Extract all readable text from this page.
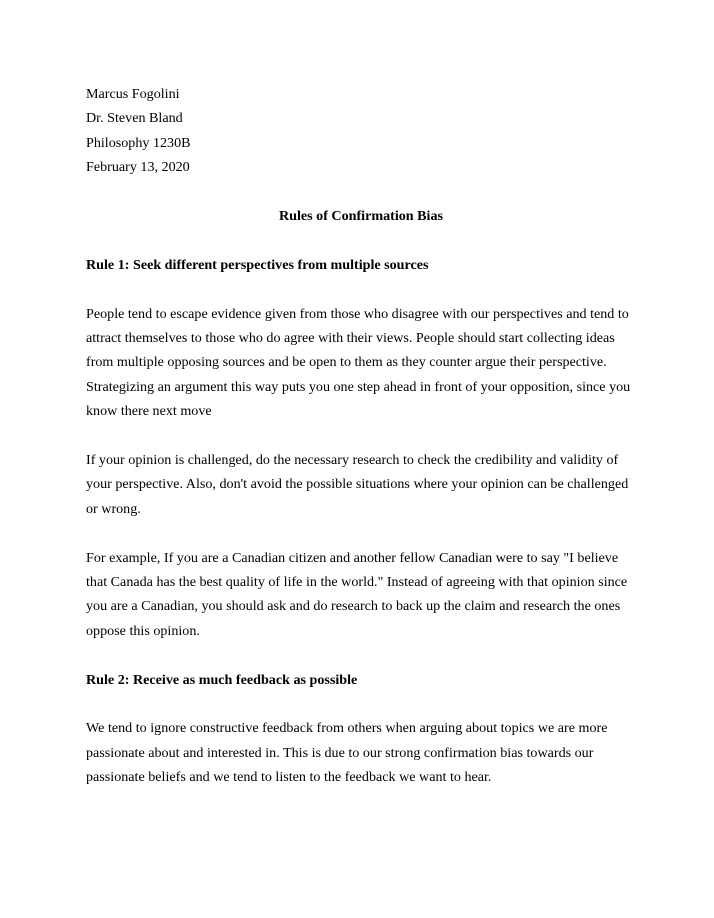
Marcus Fogolini
Dr. Steven Bland
Philosophy 1230B
February 13, 2020
Rules of Confirmation Bias
Rule 1: Seek different perspectives from multiple sources
People tend to escape evidence given from those who disagree with our perspectives and tend to
attract themselves to those who do agree with their views. People should start collecting ideas
from multiple opposing sources and be open to them as they counter argue their perspective.
Strategizing an argument this way puts you one step ahead in front of your opposition, since you
know there next move
If your opinion is challenged, do the necessary research to check the credibility and validity of
your perspective. Also, don't avoid the possible situations where your opinion can be challenged
or wrong.
For example, If you are a Canadian citizen and another fellow Canadian were to say "I believe
that Canada has the best quality of life in the world." Instead of agreeing with that opinion since
you are a Canadian, you should ask and do research to back up the claim and research the ones
oppose this opinion.
Rule 2: Receive as much feedback as possible
We tend to ignore constructive feedback from others when arguing about topics we are more
passionate about and interested in. This is due to our strong confirmation bias towards our
passionate beliefs and we tend to listen to the feedback we want to hear.
